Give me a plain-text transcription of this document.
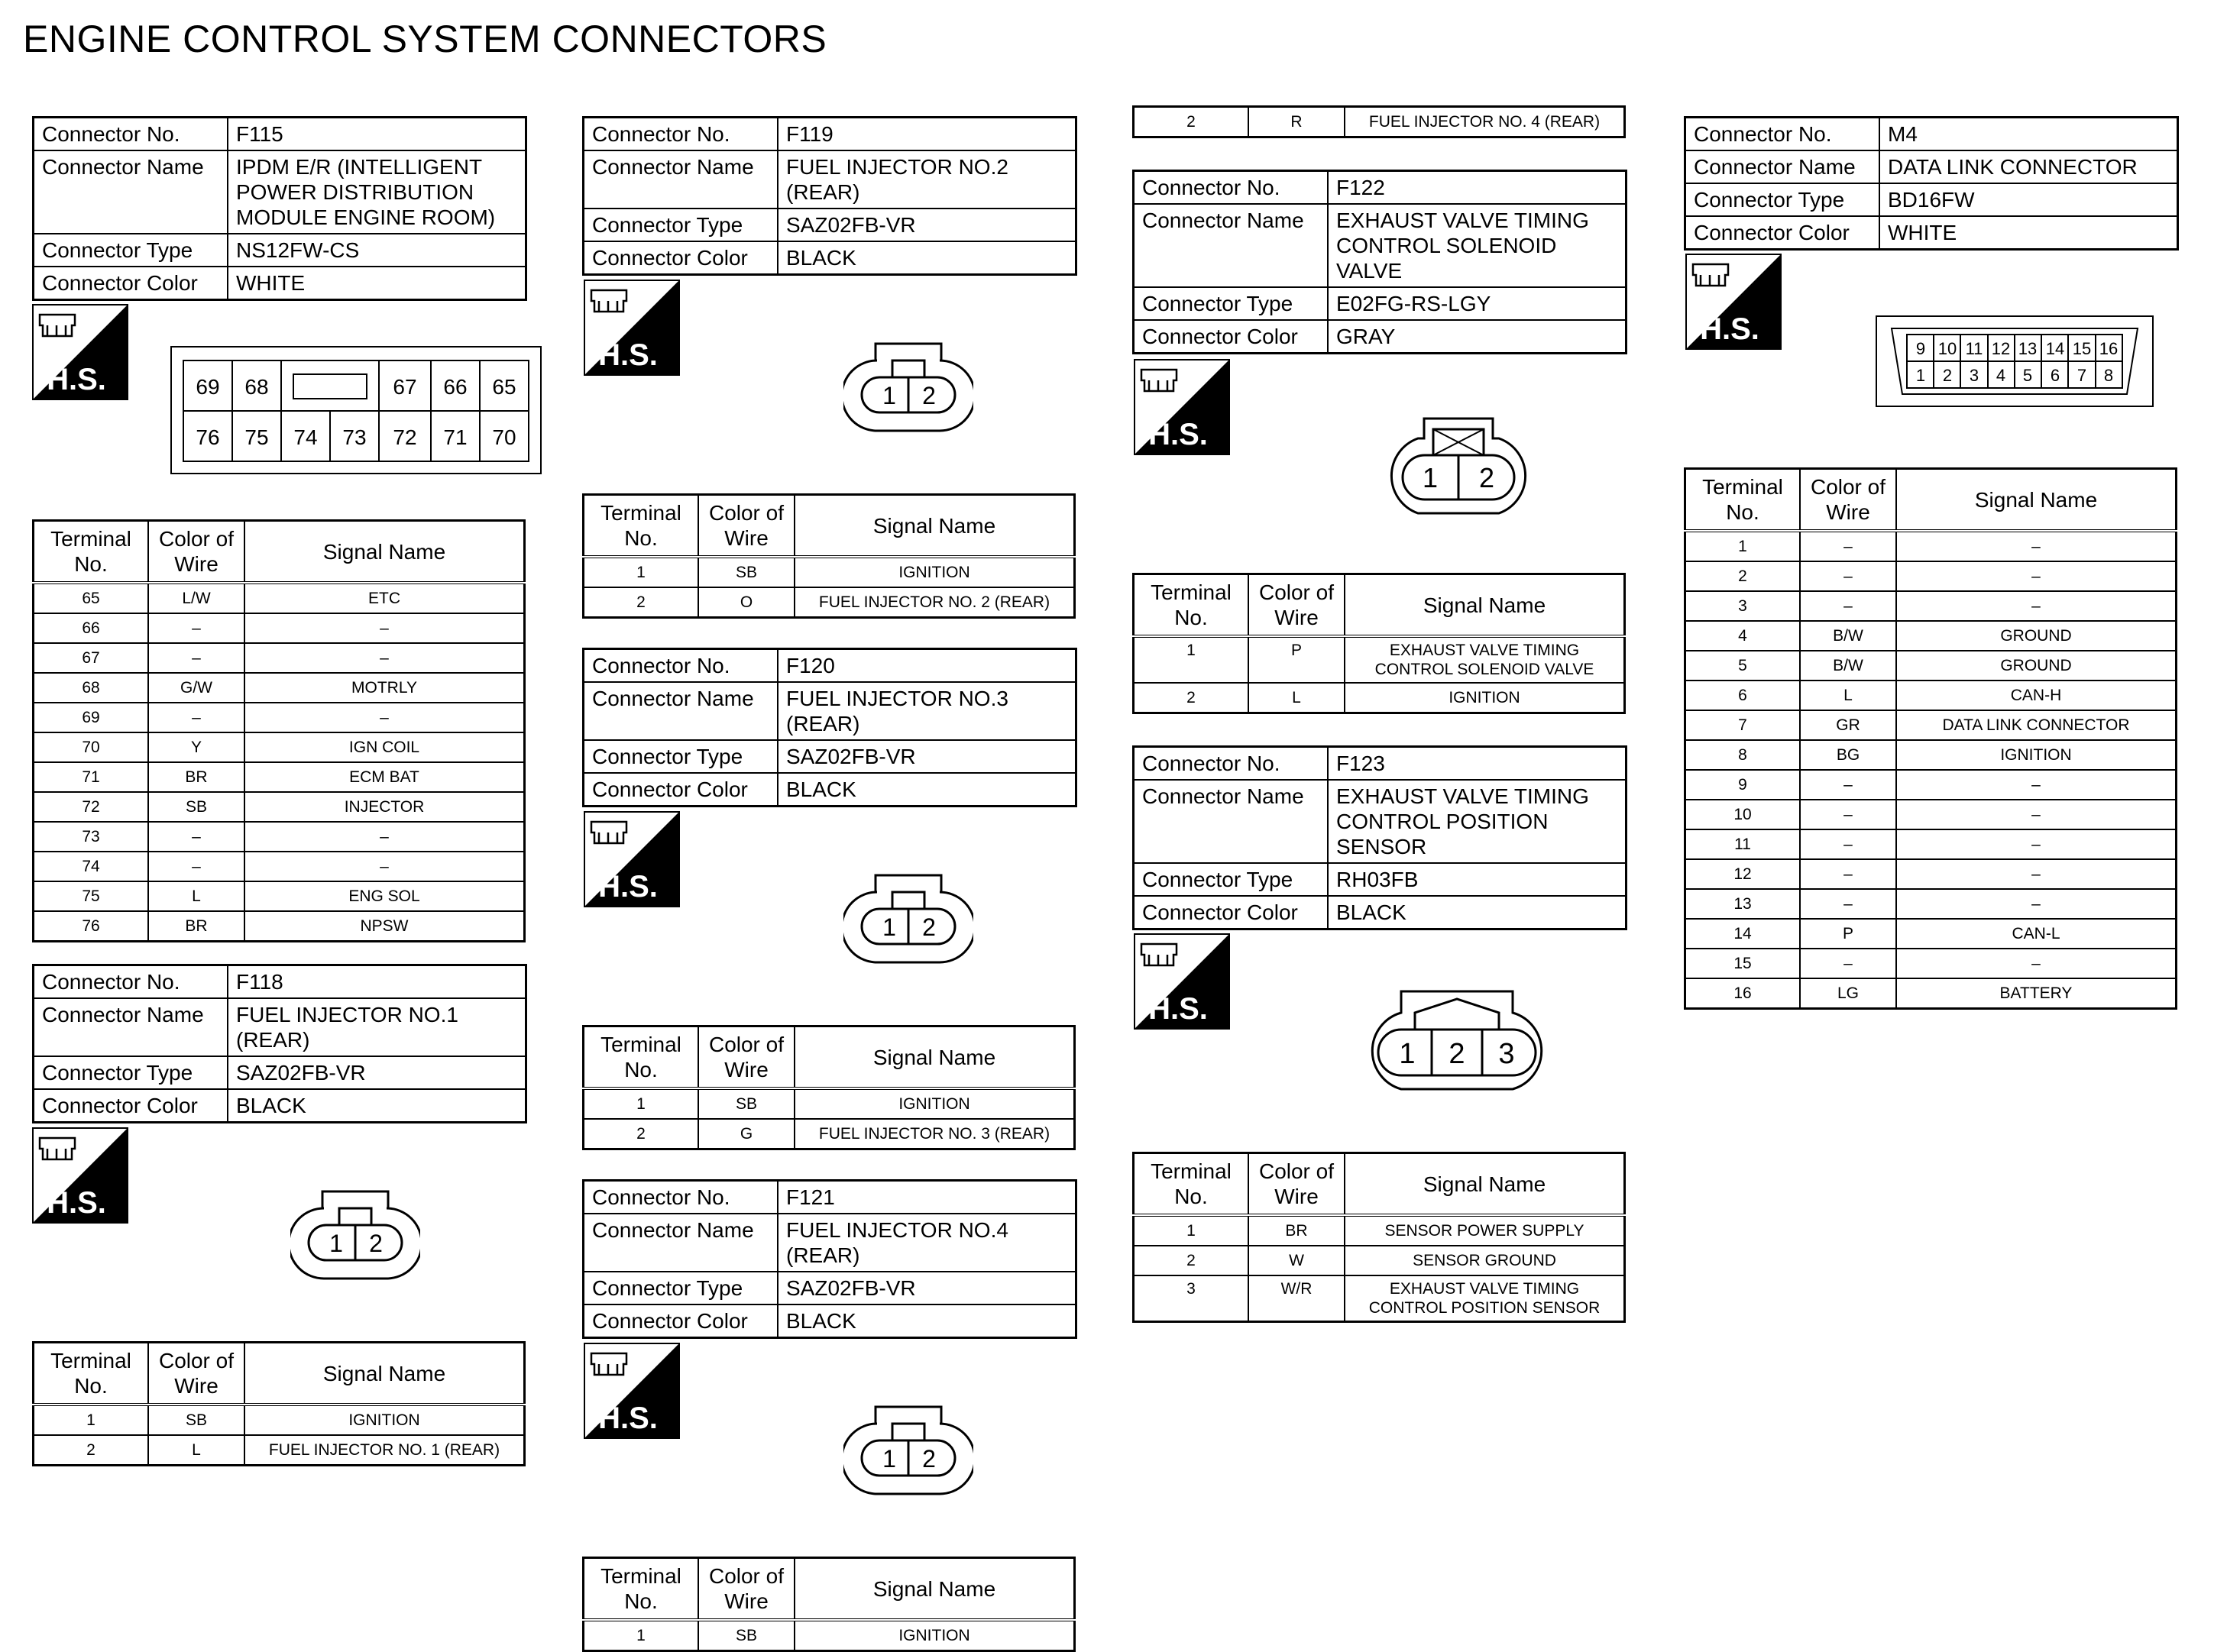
ENGINE CONTROL SYSTEM CONNECTORS
Connector No.	F115
Connector Name	IPDM E/R (INTELLIGENT POWER DISTRIBUTION MODULE ENGINE ROOM)
Connector Type	NS12FW-CS
Connector Color	WHITE
H.S.	69 68	67 66 65
76 75 74 73 72 71 70
Terminal No.	Color of Wire	Signal Name
65	L/W	ETC
66	–	–
67	–	–
68	G/W	MOTRLY
69	–	–
70	Y	IGN COIL
71	BR	ECM BAT
72	SB	INJECTOR
73	–	–
74	–	–
75	L	ENG SOL
76	BR	NPSW
Connector No.	F118
Connector Name	FUEL INJECTOR NO.1 (REAR)
Connector Type	SAZ02FB-VR
Connector Color	BLACK
H.S.
1 2
Terminal No.	Color of Wire	Signal Name
1	SB	IGNITION
2	L	FUEL INJECTOR NO. 1 (REAR)
Connector No.	F119
Connector Name	FUEL INJECTOR NO.2 (REAR)
Connector Type	SAZ02FB-VR
Connector Color	BLACK
H.S.
1 2
Terminal No.	Color of Wire	Signal Name
1	SB	IGNITION
2	O	FUEL INJECTOR NO. 2 (REAR)
Connector No.	F120
Connector Name	FUEL INJECTOR NO.3 (REAR)
Connector Type	SAZ02FB-VR
Connector Color	BLACK
H.S.
1 2
Terminal No.	Color of Wire	Signal Name
1	SB	IGNITION
2	G	FUEL INJECTOR NO. 3 (REAR)
Connector No.	F121
Connector Name	FUEL INJECTOR NO.4 (REAR)
Connector Type	SAZ02FB-VR
Connector Color	BLACK
H.S.
1 2
Terminal No.	Color of Wire	Signal Name
1	SB	IGNITION
2	R	FUEL INJECTOR NO. 4 (REAR)
Connector No.	F122
Connector Name	EXHAUST VALVE TIMING CONTROL SOLENOID VALVE
Connector Type	E02FG-RS-LGY
Connector Color	GRAY
H.S.
1 2
Terminal No.	Color of Wire	Signal Name
1	P	EXHAUST VALVE TIMING CONTROL SOLENOID VALVE
2	L	IGNITION
Connector No.	F123
Connector Name	EXHAUST VALVE TIMING CONTROL POSITION SENSOR
Connector Type	RH03FB
Connector Color	BLACK
H.S.
1 2 3
Terminal No.	Color of Wire	Signal Name
1	BR	SENSOR POWER SUPPLY
2	W	SENSOR GROUND
3	W/R	EXHAUST VALVE TIMING CONTROL POSITION SENSOR
Connector No.	M4
Connector Name	DATA LINK CONNECTOR
Connector Type	BD16FW
Connector Color	WHITE
H.S.
9 10 11 12 13 14 15 16
1 2 3 4 5 6 7 8
Terminal No.	Color of Wire	Signal Name
1	–	–
2	–	–
3	–	–
4	B/W	GROUND
5	B/W	GROUND
6	L	CAN-H
7	GR	DATA LINK CONNECTOR
8	BG	IGNITION
9	–	–
10	–	–
11	–	–
12	–	–
13	–	–
14	P	CAN-L
15	–	–
16	LG	BATTERY
